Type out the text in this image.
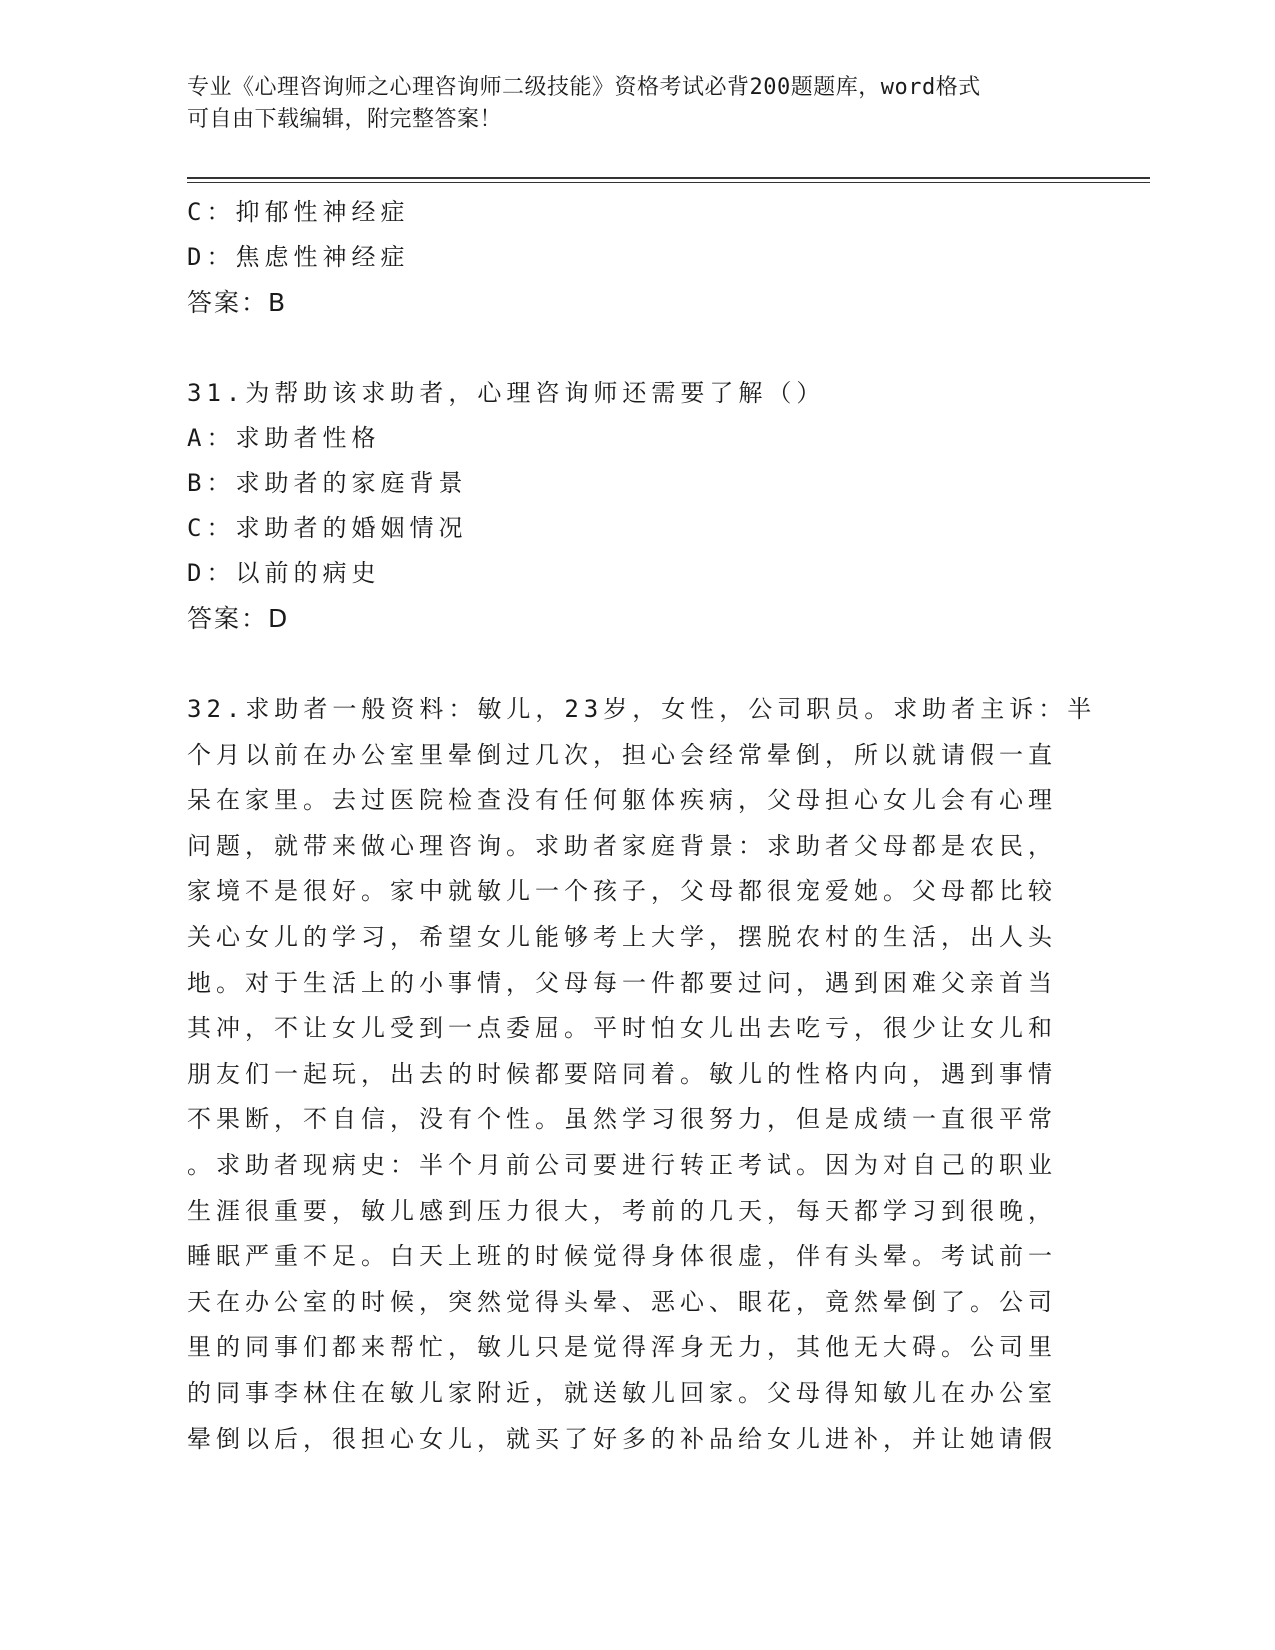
专业《心理咨询师之心理咨询师二级技能》资格考试必背200题题库，word格式
可自由下载编辑，附完整答案！
C：抑郁性神经症
D：焦虑性神经症
答案：B
31.为帮助该求助者，心理咨询师还需要了解（）
A：求助者性格
B：求助者的家庭背景
C：求助者的婚姻情况
D：以前的病史
答案：D
32.求助者一般资料：敏儿，23岁，女性，公司职员。求助者主诉：半
个月以前在办公室里晕倒过几次，担心会经常晕倒，所以就请假一直
呆在家里。去过医院检查没有任何躯体疾病，父母担心女儿会有心理
问题，就带来做心理咨询。求助者家庭背景：求助者父母都是农民，
家境不是很好。家中就敏儿一个孩子，父母都很宠爱她。父母都比较
关心女儿的学习，希望女儿能够考上大学，摆脱农村的生活，出人头
地。对于生活上的小事情，父母每一件都要过问，遇到困难父亲首当
其冲，不让女儿受到一点委屈。平时怕女儿出去吃亏，很少让女儿和
朋友们一起玩，出去的时候都要陪同着。敏儿的性格内向，遇到事情
不果断，不自信，没有个性。虽然学习很努力，但是成绩一直很平常
。求助者现病史：半个月前公司要进行转正考试。因为对自己的职业
生涯很重要，敏儿感到压力很大，考前的几天，每天都学习到很晚，
睡眠严重不足。白天上班的时候觉得身体很虚，伴有头晕。考试前一
天在办公室的时候，突然觉得头晕、恶心、眼花，竟然晕倒了。公司
里的同事们都来帮忙，敏儿只是觉得浑身无力，其他无大碍。公司里
的同事李林住在敏儿家附近，就送敏儿回家。父母得知敏儿在办公室
晕倒以后，很担心女儿，就买了好多的补品给女儿进补，并让她请假
